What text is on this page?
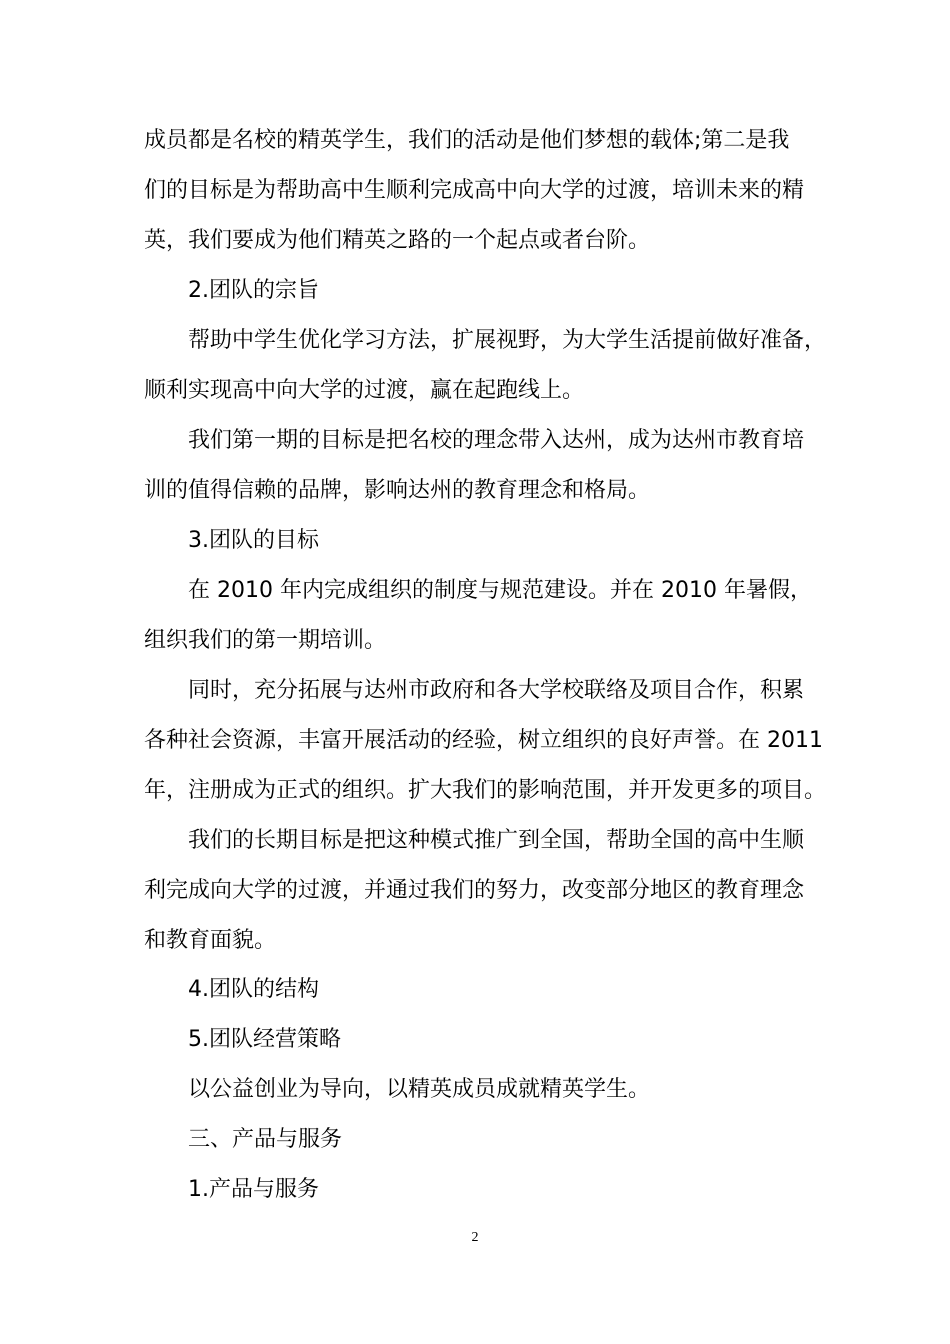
成员都是名校的精英学生，我们的活动是他们梦想的载体;第二是我
们的目标是为帮助高中生顺利完成高中向大学的过渡，培训未来的精
英，我们要成为他们精英之路的一个起点或者台阶。
2.团队的宗旨
帮助中学生优化学习方法，扩展视野，为大学生活提前做好准备，
顺利实现高中向大学的过渡，赢在起跑线上。
我们第一期的目标是把名校的理念带入达州，成为达州市教育培
训的值得信赖的品牌，影响达州的教育理念和格局。
3.团队的目标
在 2010 年内完成组织的制度与规范建设。并在 2010 年暑假，
组织我们的第一期培训。
同时，充分拓展与达州市政府和各大学校联络及项目合作，积累
各种社会资源，丰富开展活动的经验，树立组织的良好声誉。在 2011
年，注册成为正式的组织。扩大我们的影响范围，并开发更多的项目。
我们的长期目标是把这种模式推广到全国，帮助全国的高中生顺
利完成向大学的过渡，并通过我们的努力，改变部分地区的教育理念
和教育面貌。
4.团队的结构
5.团队经营策略
以公益创业为导向，以精英成员成就精英学生。
三、产品与服务
1.产品与服务
2
